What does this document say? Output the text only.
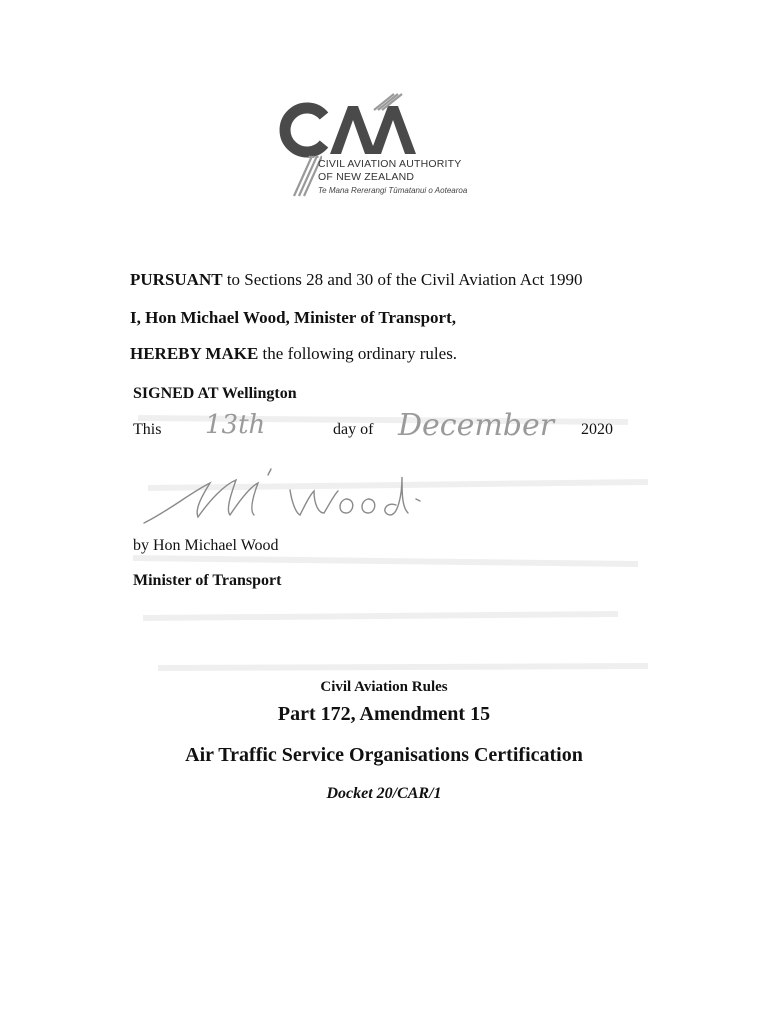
CIVIL AVIATION AUTHORITY
OF NEW ZEALAND
Te Mana Rererangi Tūmatanui o Aotearoa
PURSUANT to Sections 28 and 30 of the Civil Aviation Act 1990
I, Hon Michael Wood, Minister of Transport,
HEREBY MAKE the following ordinary rules.
SIGNED AT Wellington
This 13th	day of December 2020
by Hon Michael Wood
Minister of Transport
Civil Aviation Rules
Part 172, Amendment 15
Air Traffic Service Organisations Certification
Docket 20/CAR/1
